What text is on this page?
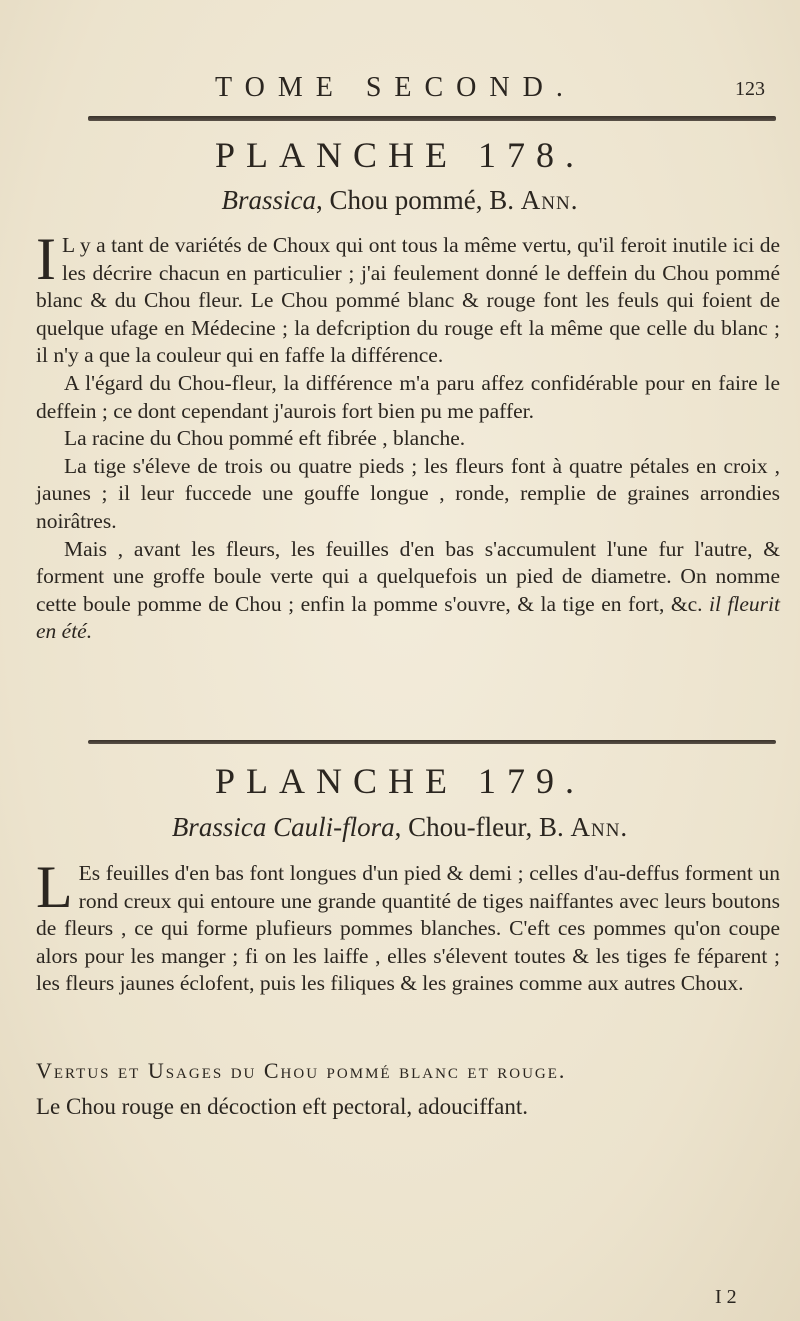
TOME SECOND.	123
PLANCHE 178.
Brassica, Chou pommé, B. Ann.

I L y a tant de variétés de Choux qui ont tous la même vertu, qu'il feroit inutile ici de les décrire chacun en particulier ; j'ai feulement donné le deffein du Chou pommé blanc & du Chou fleur. Le Chou pommé blanc & rouge font les feuls qui foient de quelque ufage en Médecine ; la defcription du rouge eft la même que celle du blanc ; il n'y a que la couleur qui en faffe la différence.

A l'égard du Chou-fleur, la différence m'a paru affez confidérable pour en faire le deffein ; ce dont cependant j'aurois fort bien pu me paffer.

La racine du Chou pommé eft fibrée , blanche.

La tige s'éleve de trois ou quatre pieds ; les fleurs font à quatre pétales en croix , jaunes ; il leur fuccede une gouffe longue , ronde, remplie de graines arrondies noirâtres.

Mais , avant les fleurs, les feuilles d'en bas s'accumulent l'une fur l'autre, & forment une groffe boule verte qui a quelquefois un pied de diametre. On nomme cette boule pomme de Chou ; enfin la pomme s'ouvre, & la tige en fort, &c. il fleurit en été.

PLANCHE 179.
Brassica Cauli-flora, Chou-fleur, B. Ann.

L Es feuilles d'en bas font longues d'un pied & demi ; celles d'au-deffus forment un rond creux qui entoure une grande quantité de tiges naiffantes avec leurs boutons de fleurs , ce qui forme plufieurs pommes blanches. C'eft ces pommes qu'on coupe alors pour les manger ; fi on les laiffe , elles s'élevent toutes & les tiges fe féparent ; les fleurs jaunes éclofent, puis les filiques & les graines comme aux autres Choux.

Vertus et Usages du Chou pommé blanc et rouge.
Le Chou rouge en décoction eft pectoral, adouciffant.
I 2
